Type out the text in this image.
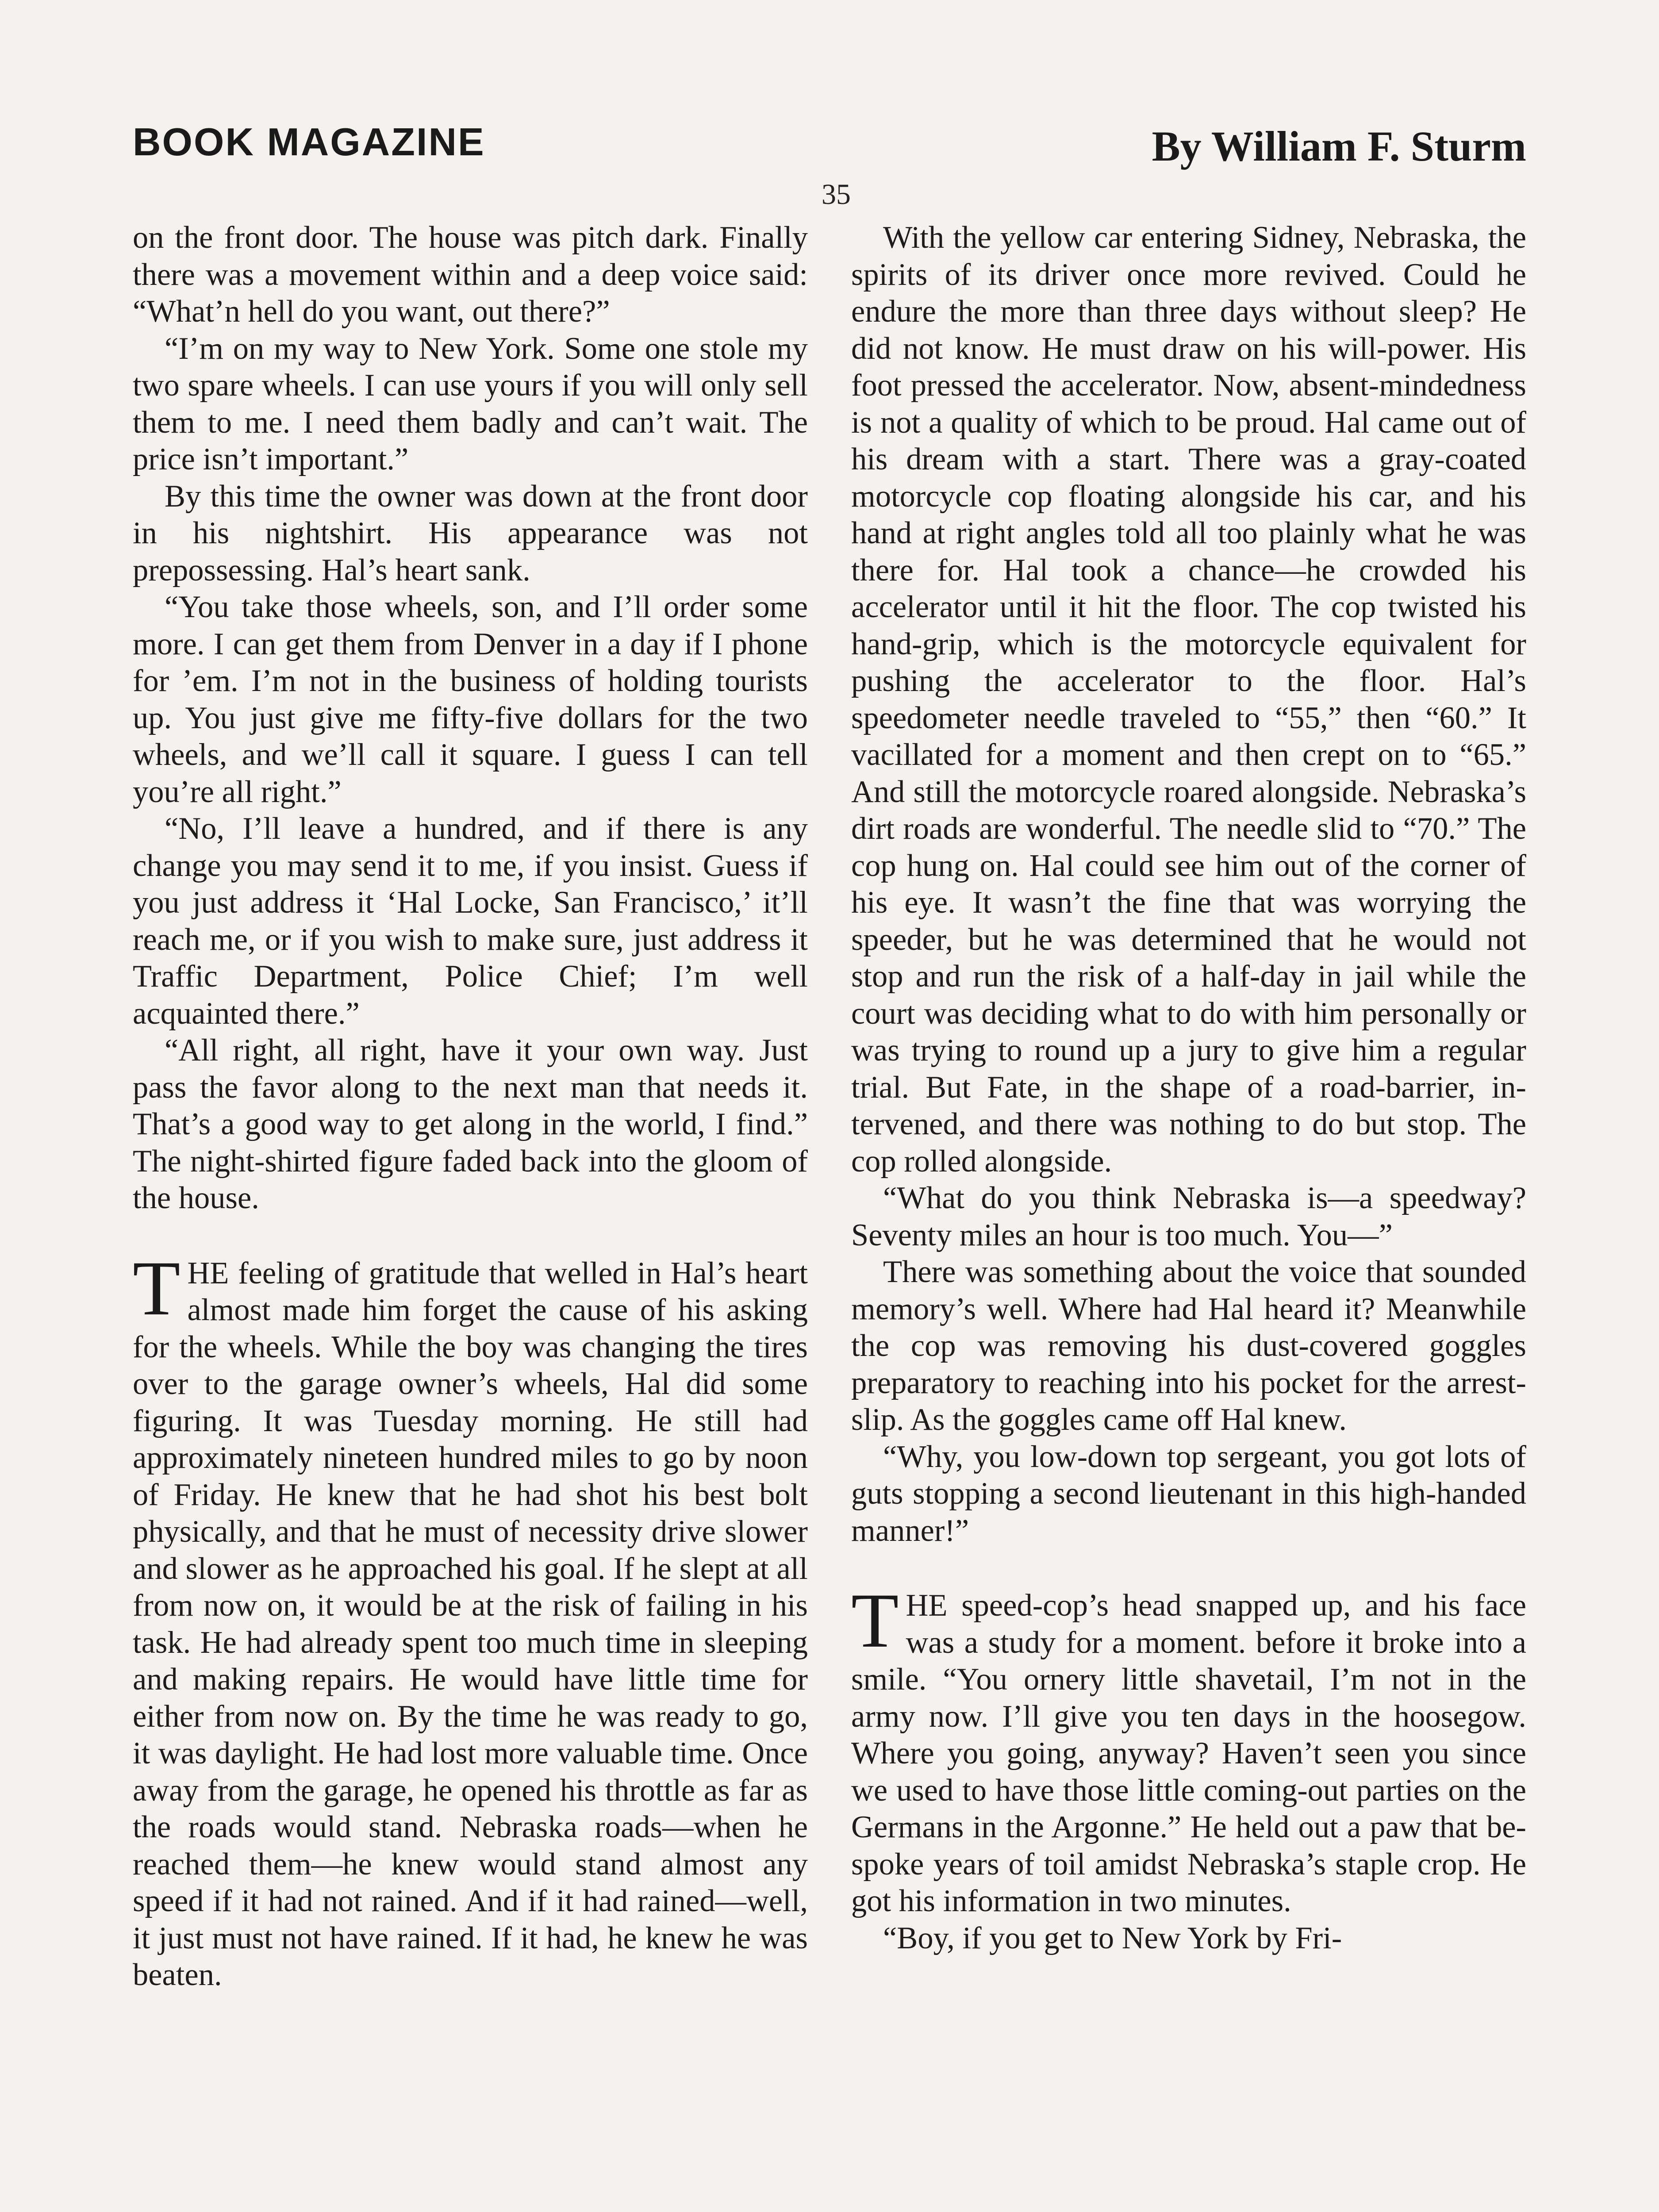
BOOK MAGAZINE	By William F. Sturm
35

on the front door. The house was pitch dark. Finally there was a movement within and a deep voice said: “What’n hell do you want, out there?”

“I’m on my way to New York. Some one stole my two spare wheels. I can use yours if you will only sell them to me. I need them badly and can’t wait. The price isn’t important.”

By this time the owner was down at the front door in his nightshirt. His appearance was not prepossessing. Hal’s heart sank.

“You take those wheels, son, and I’ll order some more. I can get them from Denver in a day if I phone for ’em. I’m not in the business of holding tourists up. You just give me fifty-five dollars for the two wheels, and we’ll call it square. I guess I can tell you’re all right.”

“No, I’ll leave a hundred, and if there is any change you may send it to me, if you insist. Guess if you just address it ‘Hal Locke, San Francisco,’ it’ll reach me, or if you wish to make sure, just address it Traffic Department, Police Chief; I’m well acquainted there.”

“All right, all right, have it your own way. Just pass the favor along to the next man that needs it. That’s a good way to get along in the world, I find.” The night-shirted figure faded back into the gloom of the house.

THE feeling of gratitude that welled in Hal’s heart almost made him forget the cause of his asking for the wheels. While the boy was changing the tires over to the garage owner’s wheels, Hal did some figuring. It was Tuesday morning. He still had approximately nineteen hundred miles to go by noon of Friday. He knew that he had shot his best bolt physically, and that he must of necessity drive slower and slower as he approached his goal. If he slept at all from now on, it would be at the risk of failing in his task. He had already spent too much time in sleeping and making repairs. He would have little time for either from now on. By the time he was ready to go, it was daylight. He had lost more valuable time. Once away from the garage, he opened his throttle as far as the roads would stand. Nebraska roads—when he reached them—he knew would stand almost any speed if it had not rained. And if it had rained—well, it just must not have rained. If it had, he knew he was beaten.

With the yellow car entering Sidney, Nebraska, the spirits of its driver once more revived. Could he endure the more than three days without sleep? He did not know. He must draw on his will-power. His foot pressed the accelerator. Now, absent-mindedness is not a quality of which to be proud. Hal came out of his dream with a start. There was a gray-coated motorcycle cop floating alongside his car, and his hand at right angles told all too plainly what he was there for. Hal took a chance—he crowded his accelerator until it hit the floor. The cop twisted his hand-grip, which is the motorcycle equivalent for pushing the accelerator to the floor. Hal’s speedometer needle traveled to “55,” then “60.” It vacillated for a moment and then crept on to “65.” And still the motorcycle roared alongside. Nebraska’s dirt roads are wonderful. The needle slid to “70.” The cop hung on. Hal could see him out of the corner of his eye. It wasn’t the fine that was worrying the speeder, but he was determined that he would not stop and run the risk of a half-day in jail while the court was deciding what to do with him personally or was trying to round up a jury to give him a regular trial. But Fate, in the shape of a road-barrier, intervened, and there was nothing to do but stop. The cop rolled alongside.

“What do you think Nebraska is—a speedway? Seventy miles an hour is too much. You—”

There was something about the voice that sounded memory’s well. Where had Hal heard it? Meanwhile the cop was removing his dust-covered goggles preparatory to reaching into his pocket for the arrest-slip. As the goggles came off Hal knew.

“Why, you low-down top sergeant, you got lots of guts stopping a second lieutenant in this high-handed manner!”

THE speed-cop’s head snapped up, and his face was a study for a moment. before it broke into a smile. “You ornery little shavetail, I’m not in the army now. I’ll give you ten days in the hoosegow. Where you going, anyway? Haven’t seen you since we used to have those little coming-out parties on the Germans in the Argonne.” He held out a paw that bespoke years of toil amidst Nebraska’s staple crop. He got his information in two minutes.

“Boy, if you get to New York by Fri-
